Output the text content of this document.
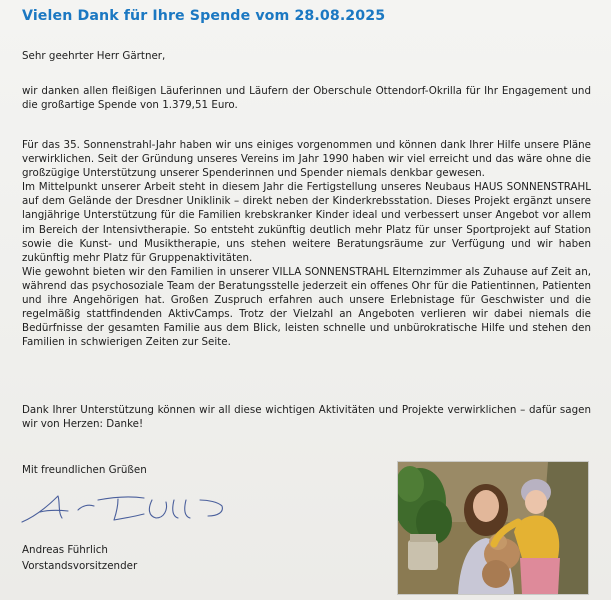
Vielen Dank für Ihre Spende vom 28.08.2025
Sehr geehrter Herr Gärtner,
wir danken allen fleißigen Läuferinnen und Läufern der Oberschule Ottendorf-Okrilla für Ihr Engagement und die großartige Spende von 1.379,51 Euro.

Für das 35. Sonnenstrahl-Jahr haben wir uns einiges vorgenommen und können dank Ihrer Hilfe unsere Pläne verwirklichen. Seit der Gründung unseres Vereins im Jahr 1990 haben wir viel erreicht und das wäre ohne die großzügige Unterstützung unserer Spenderinnen und Spender niemals denkbar gewesen.

Im Mittelpunkt unserer Arbeit steht in diesem Jahr die Fertigstellung unseres Neubaus HAUS SONNENSTRAHL auf dem Gelände der Dresdner Uniklinik – direkt neben der Kinderkrebsstation. Dieses Projekt ergänzt unsere langjährige Unterstützung für die Familien krebskranker Kinder ideal und verbessert unser Angebot vor allem im Bereich der Intensivtherapie. So entsteht zukünftig deutlich mehr Platz für unser Sportprojekt auf Station sowie die Kunst- und Musiktherapie, uns stehen weitere Beratungsräume zur Verfügung und wir haben zukünftig mehr Platz für Gruppenaktivitäten.

Wie gewohnt bieten wir den Familien in unserer VILLA SONNENSTRAHL Elternzimmer als Zuhause auf Zeit an, während das psychosoziale Team der Beratungsstelle jederzeit ein offenes Ohr für die Patientinnen, Patienten und ihre Angehörigen hat. Großen Zuspruch erfahren auch unsere Erlebnistage für Geschwister und die regelmäßig stattfindenden AktivCamps. Trotz der Vielzahl an Angeboten verlieren wir dabei niemals die Bedürfnisse der gesamten Familie aus dem Blick, leisten schnelle und unbürokratische Hilfe und stehen den Familien in schwierigen Zeiten zur Seite.

Dank Ihrer Unterstützung können wir all diese wichtigen Aktivitäten und Projekte verwirklichen – dafür sagen wir von Herzen: Danke!
Mit freundlichen Grüßen
Andreas Führlich
Vorstandsvorsitzender
